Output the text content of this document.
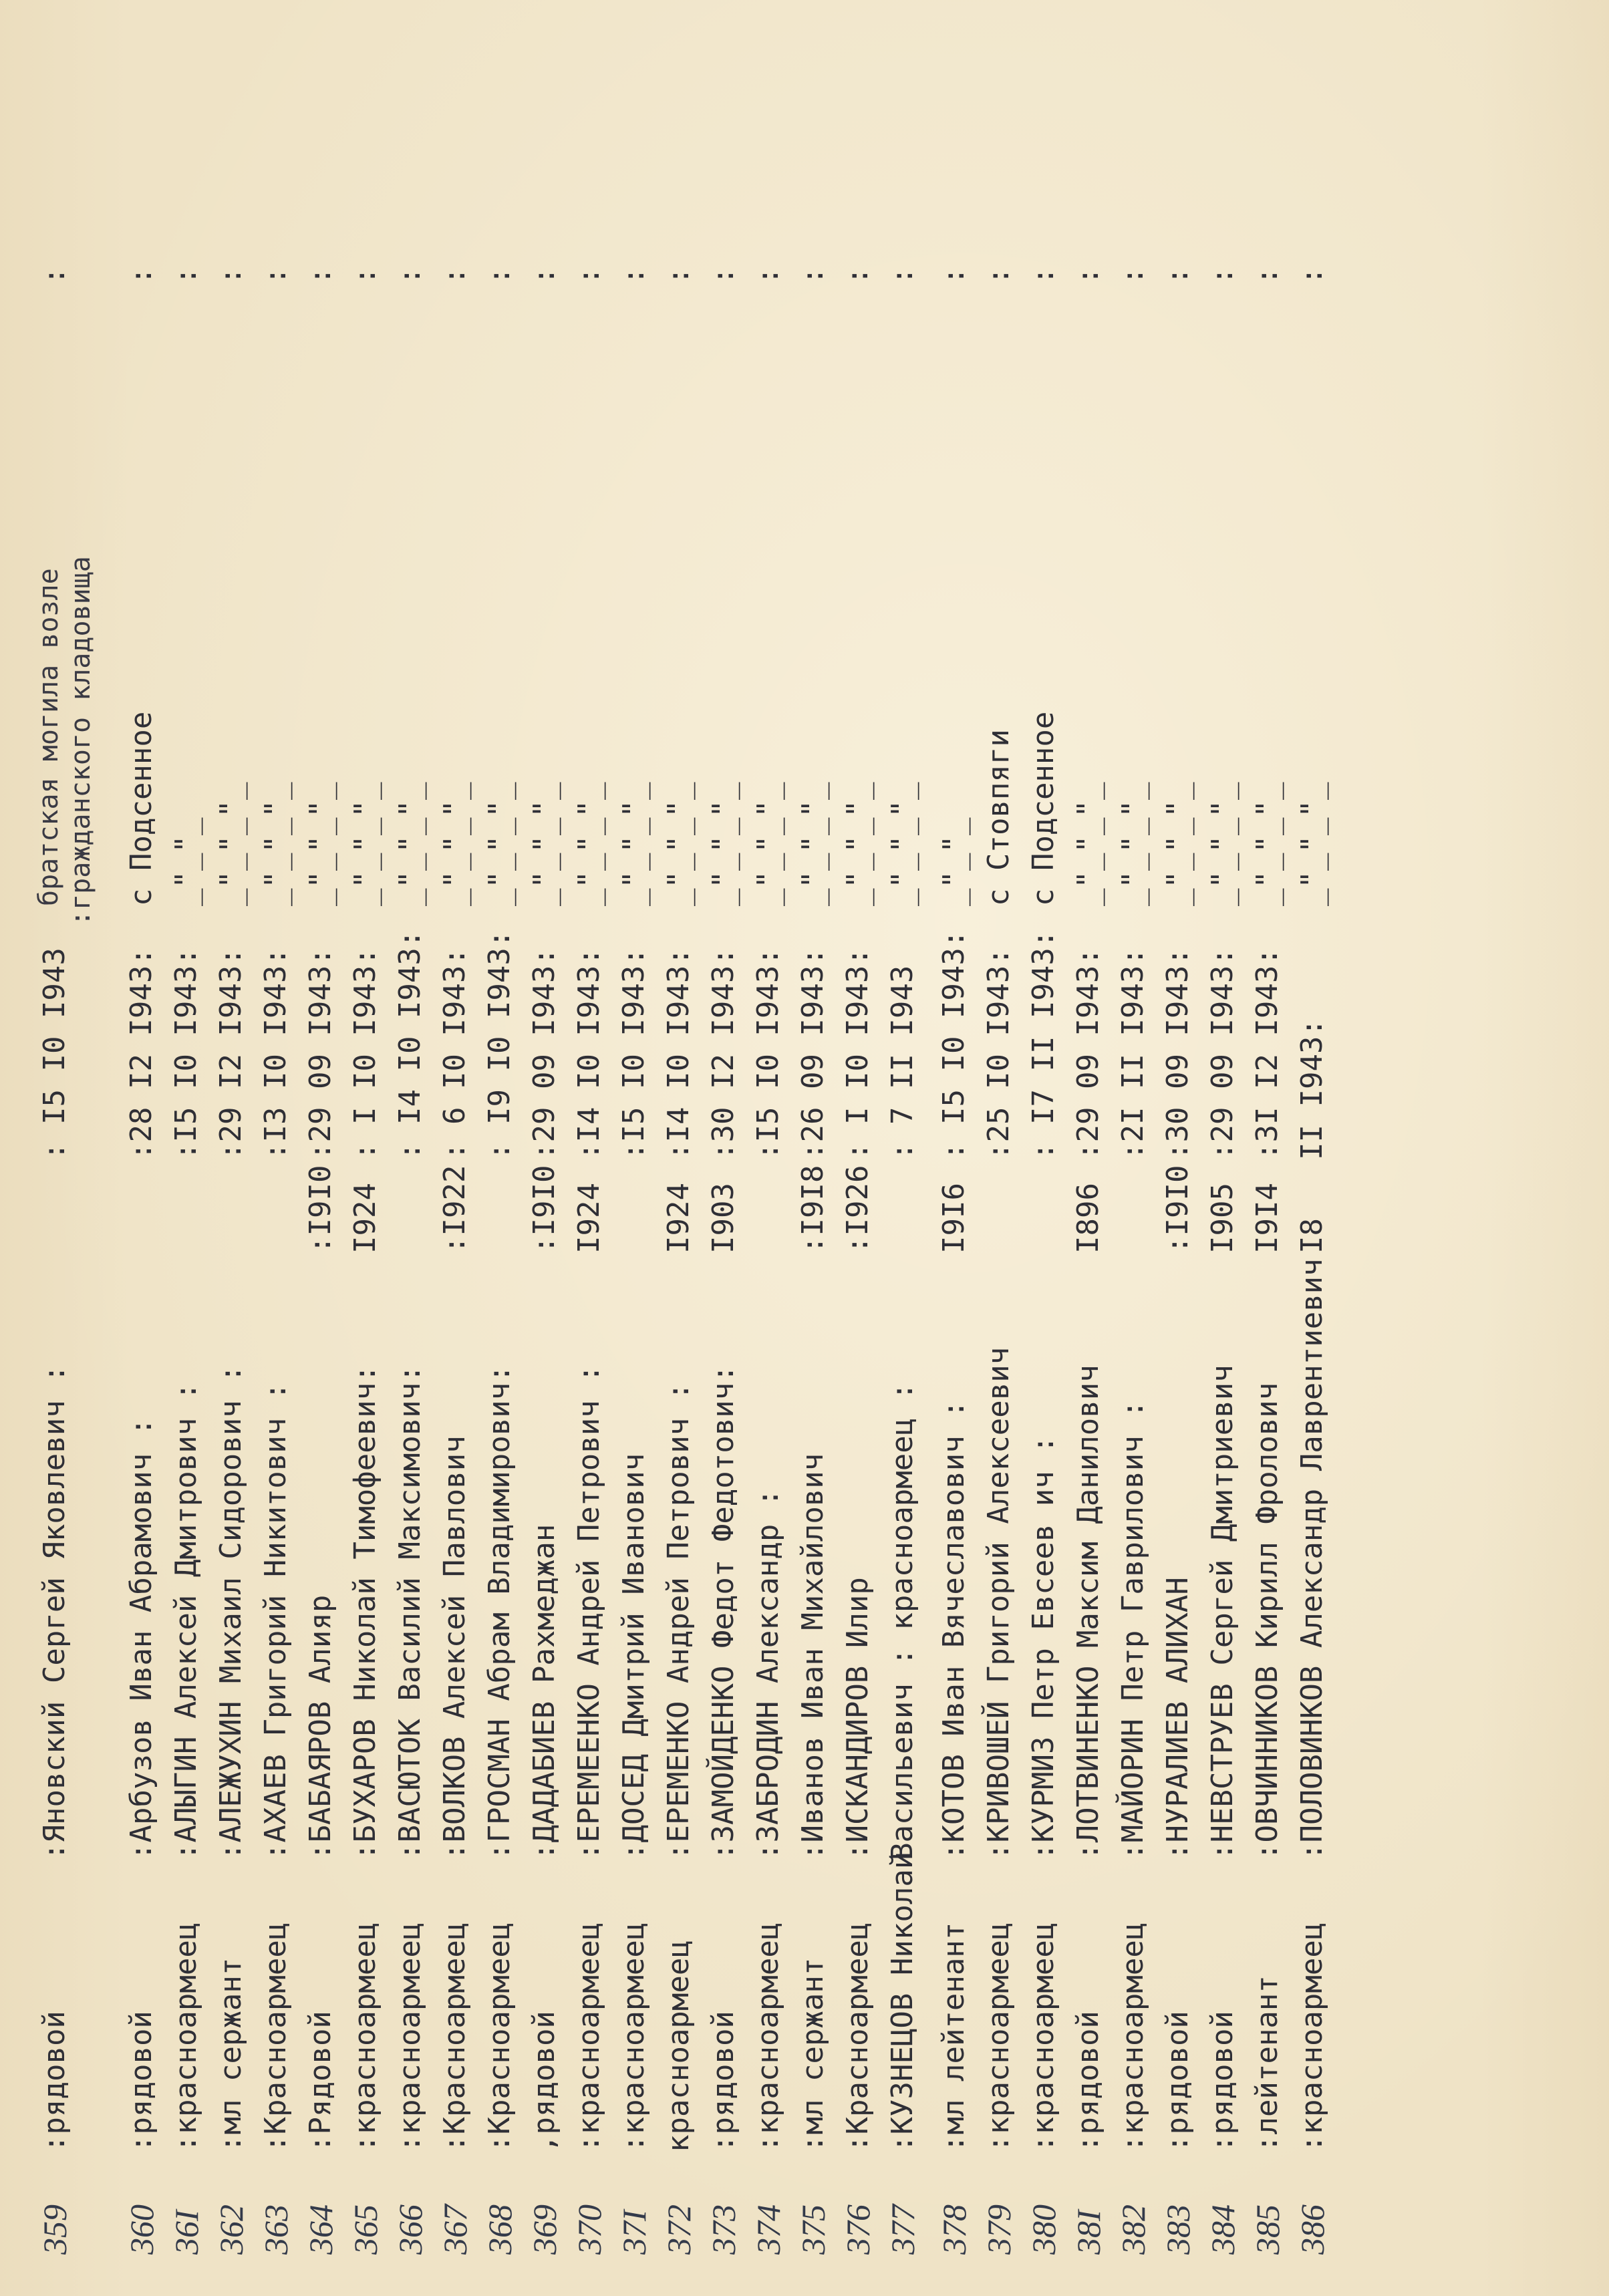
братская могила возле :гражданского кладовища
359
:рядовой
:Яновский Сергей Яковлевич :
: I5 I0 I943
:
360
:рядовой
:Арбузов Иван Абрамович :
:28 I2 I943:
с Подсенное
:
36I
:красноармеец
:АЛЫГИН Алексей Дмитрович :
:I5 I0 I943:
_"_"_
:
362
:мл сержант
:АЛЕЖУХИН Михаил Сидорович :
:29 I2 I943:
_"_"_"_
:
363
:Красноармеец
:АХАЕВ Григорий Никитович :
:I3 I0 I943:
_"_"_"_
:
364
:Рядовой
:БАБАЯРОВ Алияр
:I9I0
:29 09 I943:
_"_"_"_
:
365
:красноармеец
:БУХАРОВ Николай Тимофеевич:
I924
: I I0 I943:
_"_"_"_
:
366
:красноармеец
:ВАСЮТОК Василий Максимович:
: I4 I0 I943:
_"_"_"_
:
367
:Красноармеец
:ВОЛКОВ Алексей Павлович
:I922
: 6 I0 I943:
_"_"_"_
:
368
:Красноармеец
:ГРОСМАН Абрам Владимирович:
: I9 I0 I943:
_"_"_"_
:
369
,рядовой
:ДАДАБИЕВ Рахмеджан
:I9I0
:29 09 I943:
_"_"_"_
:
370
:красноармеец
:ЕРЕМЕЕНКО Андрей Петрович :
I924
:I4 I0 I943:
_"_"_"_
:
37I
:красноармеец
:ДОСЕД Дмитрий Иванович
:I5 I0 I943:
_"_"_"_
:
372
красноармеец
:ЕРЕМЕНКО Андрей Петрович :
I924
:I4 I0 I943:
_"_"_"_
:
373
:рядовой
:ЗАМОЙДЕНКО Федот Федотович:
I903
:30 I2 I943:
_"_"_"_
:
374
:красноармеец
:ЗАБРОДИН Александр :
:I5 I0 I943:
_"_"_"_
:
375
:мл сержант
:Иванов Иван Михайлович
:I9I8
:26 09 I943:
_"_"_"_
:
376
:Красноармеец
:ИСКАНДИРОВ Илир
:I926
: I I0 I943:
_"_"_"_
:
377
:КУЗНЕЦОВ Николай
Васильевич : красноармеец :
: 7 II I943
_"_"_"_
:
378
:мл лейтенант
:КОТОВ Иван Вячеславович :
I9I6
: I5 I0 I943:
_"_"_
:
379
:красноармеец
:КРИВОШЕЙ Григорий Алексеевич
:25 I0 I943:
с Стовпяги
:
380
:красноармеец
:КУРМИЗ Петр Евсеев ич :
: I7 II I943:
с Подсенное
:
38I
:рядовой
:ЛОТВИНЕНКО Максим Данилович
I896
:29 09 I943:
_"_"_"_
:
382
:красноармеец
:МАЙОРИН Петр Гаврилович :
:2I II I943:
_"_"_"_
:
383
:рядовой
:НУРАЛИЕВ АЛИХАН
:I9I0
:30 09 I943:
_"_"_"_
:
384
:рядовой
:НЕВСТРУЕВ Сергей Дмитриевич
I905
:29 09 I943:
_"_"_"_
:
385
:лейтенант
:ОВЧИННИКОВ Кирилл Фролович
I9I4
:3I I2 I943:
_"_"_"_
:
386
:красноармеец
:ПОЛОВИНКОВ Александр Лаврентиевич
I8
II I943:
_"_"_"_
:
